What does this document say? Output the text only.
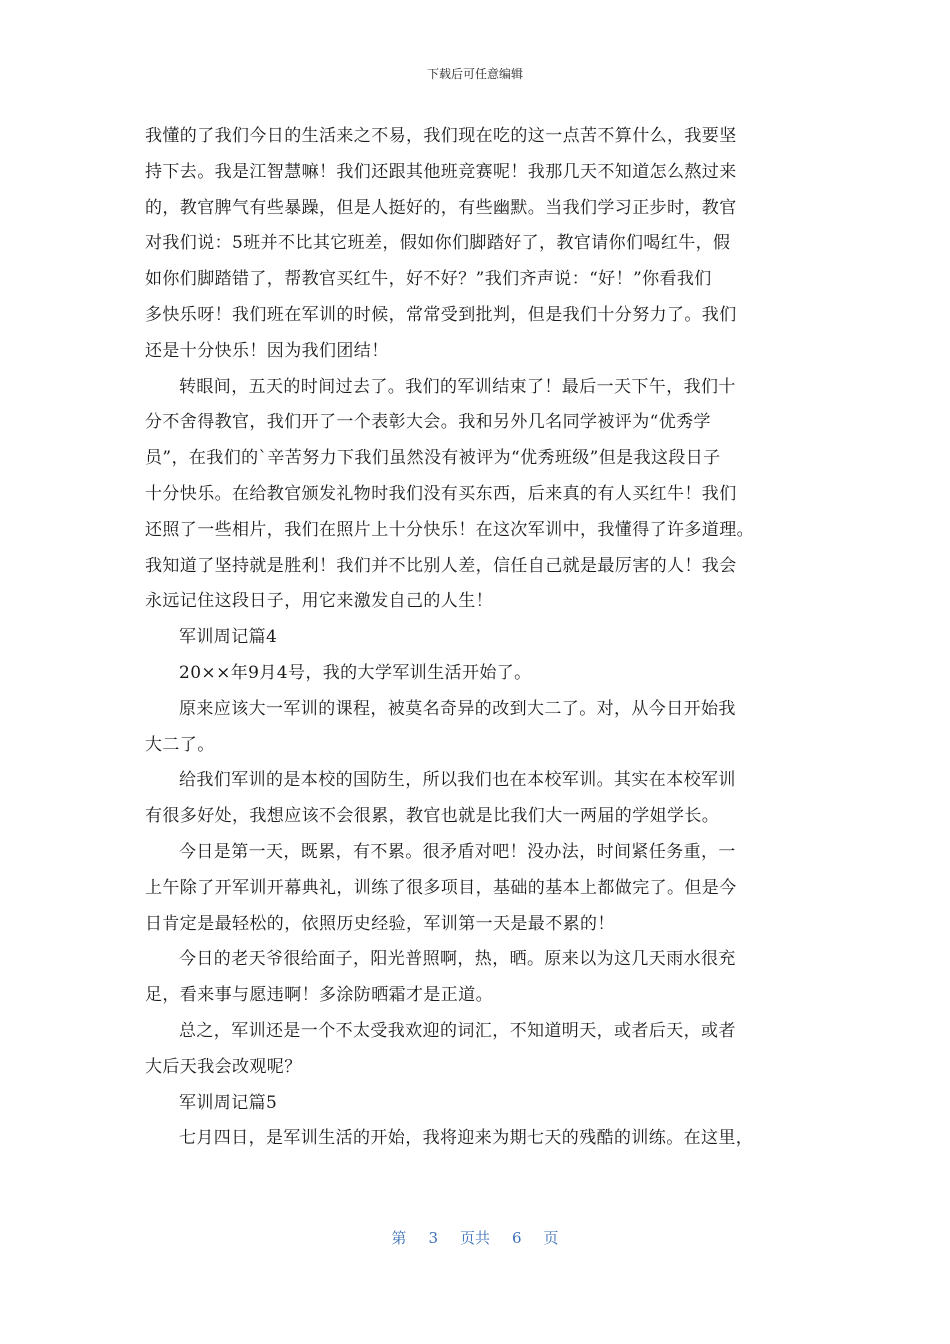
下载后可任意编辑
我懂的了我们今日的生活来之不易，我们现在吃的这一点苦不算什么，我要坚
持下去。我是江智慧嘛！我们还跟其他班竞赛呢！我那几天不知道怎么熬过来
的，教官脾气有些暴躁，但是人挺好的，有些幽默。当我们学习正步时，教官
对我们说：5班并不比其它班差，假如你们脚踏好了，教官请你们喝红牛，假
如你们脚踏错了，帮教官买红牛，好不好？”我们齐声说：“好！”你看我们
多快乐呀！我们班在军训的时候，常常受到批判，但是我们十分努力了。我们
还是十分快乐！因为我们团结！
转眼间，五天的时间过去了。我们的军训结束了！最后一天下午，我们十
分不舍得教官，我们开了一个表彰大会。我和另外几名同学被评为“优秀学
员”，在我们的`辛苦努力下我们虽然没有被评为“优秀班级”但是我这段日子
十分快乐。在给教官颁发礼物时我们没有买东西，后来真的有人买红牛！我们
还照了一些相片，我们在照片上十分快乐！在这次军训中，我懂得了许多道理。
我知道了坚持就是胜利！我们并不比别人差，信任自己就是最厉害的人！我会
永远记住这段日子，用它来激发自己的人生！
军训周记篇4
20××年9月4号，我的大学军训生活开始了。
原来应该大一军训的课程，被莫名奇异的改到大二了。对，从今日开始我
大二了。
给我们军训的是本校的国防生，所以我们也在本校军训。其实在本校军训
有很多好处，我想应该不会很累，教官也就是比我们大一两届的学姐学长。
今日是第一天，既累，有不累。很矛盾对吧！没办法，时间紧任务重，一
上午除了开军训开幕典礼，训练了很多项目，基础的基本上都做完了。但是今
日肯定是最轻松的，依照历史经验，军训第一天是最不累的！
今日的老天爷很给面子，阳光普照啊，热，晒。原来以为这几天雨水很充
足，看来事与愿违啊！多涂防晒霜才是正道。
总之，军训还是一个不太受我欢迎的词汇，不知道明天，或者后天，或者
大后天我会改观呢？
军训周记篇5
七月四日，是军训生活的开始，我将迎来为期七天的残酷的训练。在这里，
第 3 页共 6 页
